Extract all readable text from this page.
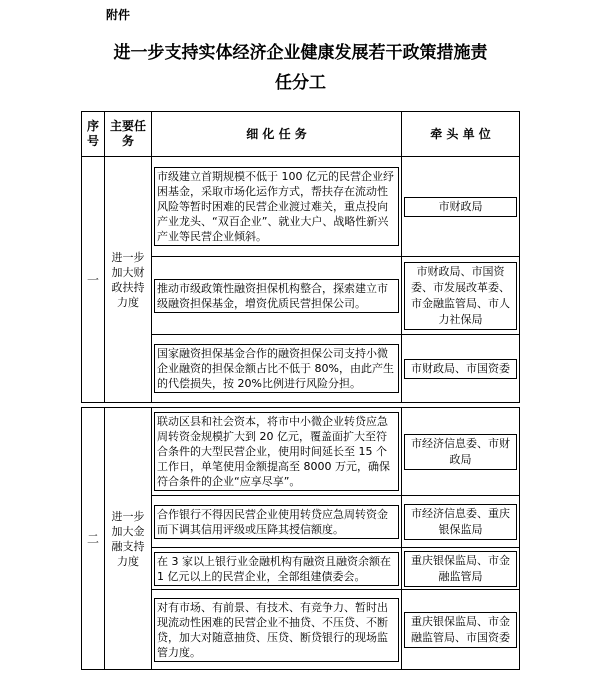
附件
进一步支持实体经济企业健康发展若干政策措施责
任分工
序号	主要任务	细 化 任 务	牵 头 单 位
一	进一步加大财政扶持力度	市级建立首期规模不低于 100 亿元的民营企业纾困基金，采取市场化运作方式，帮扶存在流动性风险等暂时困难的民营企业渡过难关，重点投向产业龙头、“双百企业”、就业大户、战略性新兴产业等民营企业倾斜。	市财政局

		推动市级政策性融资担保机构整合，探索建立市级融资担保基金，增资优质民营担保公司。	市财政局、市国资委、市发展改革委、市金融监管局、市人力社保局

		国家融资担保基金合作的融资担保公司支持小微企业融资的担保金额占比不低于 80%，由此产生的代偿损失，按 20%比例进行风险分担。	市财政局、市国资委

二	进一步加大金融支持力度	联动区县和社会资本，将市中小微企业转贷应急周转资金规模扩大到 20 亿元，覆盖面扩大至符合条件的大型民营企业，使用时间延长至 15 个工作日，单笔使用金额提高至 8000 万元，确保符合条件的企业“应享尽享”。	市经济信息委、市财政局

		合作银行不得因民营企业使用转贷应急周转资金而下调其信用评级或压降其授信额度。	市经济信息委、重庆银保监局

		在 3 家以上银行业金融机构有融资且融资余额在 1 亿元以上的民营企业，全部组建债委会。	重庆银保监局、市金融监管局

		对有市场、有前景、有技术、有竞争力、暂时出现流动性困难的民营企业不抽贷、不压贷、不断贷，加大对随意抽贷、压贷、断贷银行的现场监管力度。	重庆银保监局、市金融监管局、市国资委
